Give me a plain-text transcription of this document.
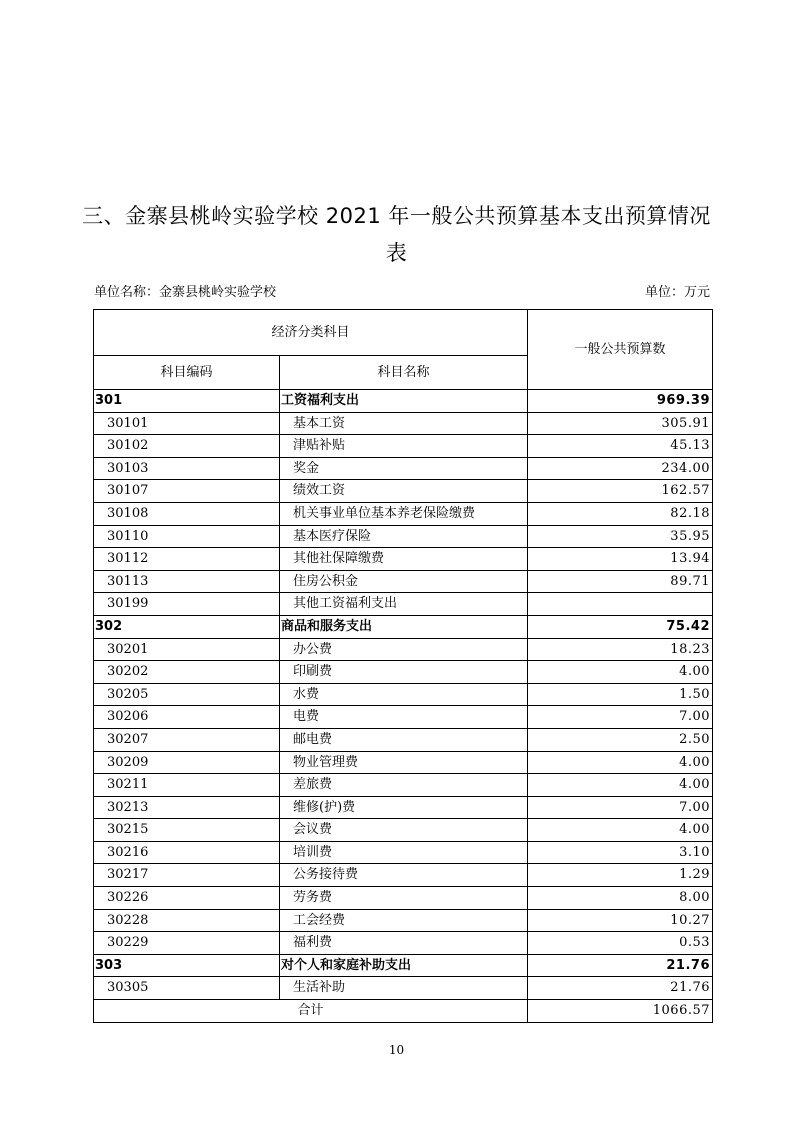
三、金寨县桃岭实验学校 2021 年一般公共预算基本支出预算情况
表
单位名称：金寨县桃岭实验学校	单位：万元
经济分类科目		一般公共预算数
科目编码	科目名称	
301	工资福利支出	969.39
30101	基本工资	305.91
30102	津贴补贴	45.13
30103	奖金	234.00
30107	绩效工资	162.57
30108	机关事业单位基本养老保险缴费	82.18
30110	基本医疗保险	35.95
30112	其他社保障缴费	13.94
30113	住房公积金	89.71
30199	其他工资福利支出	
302	商品和服务支出	75.42
30201	办公费	18.23
30202	印刷费	4.00
30205	水费	1.50
30206	电费	7.00
30207	邮电费	2.50
30209	物业管理费	4.00
30211	差旅费	4.00
30213	维修(护)费	7.00
30215	会议费	4.00
30216	培训费	3.10
30217	公务接待费	1.29
30226	劳务费	8.00
30228	工会经费	10.27
30229	福利费	0.53
303	对个人和家庭补助支出	21.76
30305	生活补助	21.76
合计		1066.57
10
